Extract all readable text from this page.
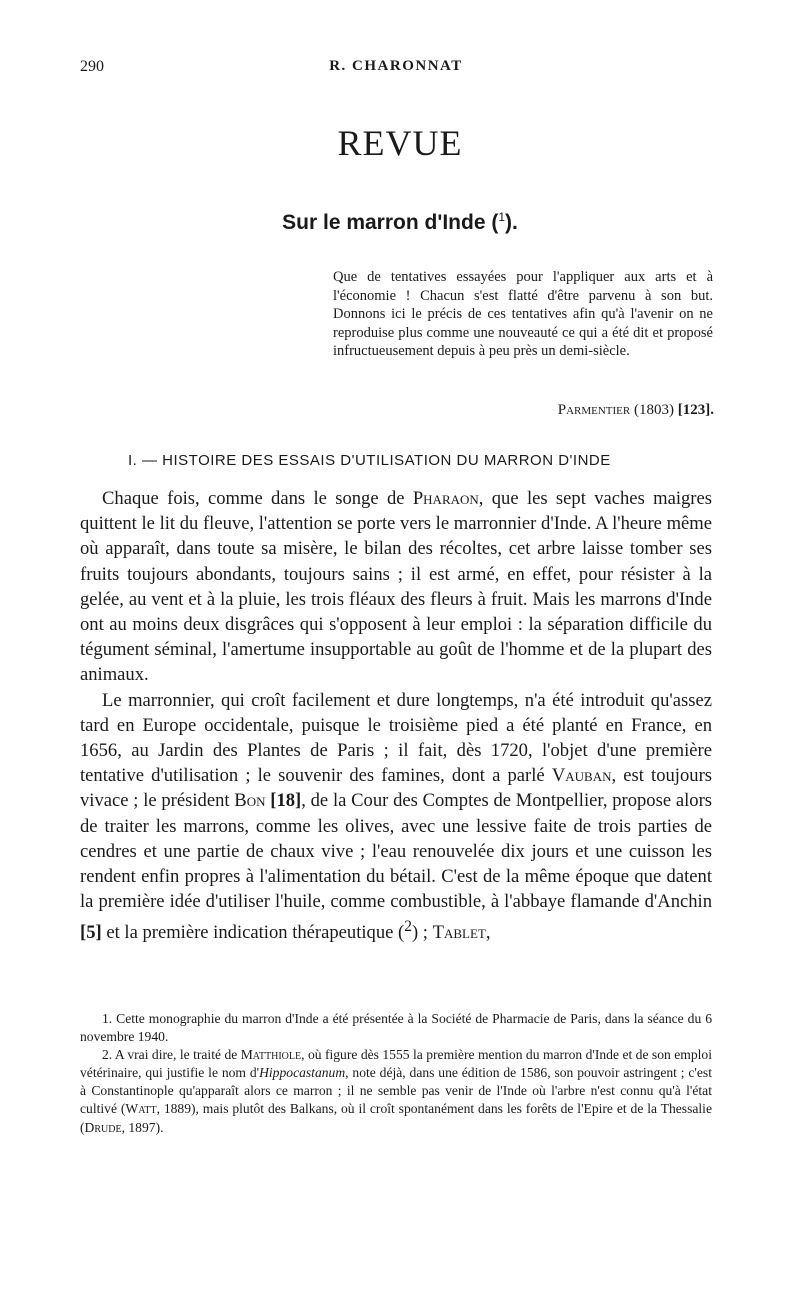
290	R. CHARONNAT
REVUE
Sur le marron d'Inde ($^1$).
Que de tentatives essayées pour l'appliquer aux arts et à l'économie ! Chacun s'est flatté d'être parvenu à son but. Donnons ici le précis de ces tentatives afin qu'à l'avenir on ne reproduise plus comme une nouveauté ce qui a été dit et proposé infructueusement depuis à peu près un demi-siècle.
Parmentier (1803) [123].
I. — HISTOIRE DES ESSAIS D'UTILISATION DU MARRON D'INDE

Chaque fois, comme dans le songe de Pharaon, que les sept vaches maigres quittent le lit du fleuve, l'attention se porte vers le marronnier d'Inde. A l'heure même où apparaît, dans toute sa misère, le bilan des récoltes, cet arbre laisse tomber ses fruits toujours abondants, toujours sains ; il est armé, en effet, pour résister à la gelée, au vent et à la pluie, les trois fléaux des fleurs à fruit. Mais les marrons d'Inde ont au moins deux disgrâces qui s'opposent à leur emploi : la séparation difficile du tégument séminal, l'amertume insupportable au goût de l'homme et de la plupart des animaux.

Le marronnier, qui croît facilement et dure longtemps, n'a été introduit qu'assez tard en Europe occidentale, puisque le troisième pied a été planté en France, en 1656, au Jardin des Plantes de Paris ; il fait, dès 1720, l'objet d'une première tentative d'utilisation ; le souvenir des famines, dont a parlé Vauban, est toujours vivace ; le président Bon [18], de la Cour des Comptes de Montpellier, propose alors de traiter les marrons, comme les olives, avec une lessive faite de trois parties de cendres et une partie de chaux vive ; l'eau renouvelée dix jours et une cuisson les rendent enfin propres à l'alimentation du bétail. C'est de la même époque que datent la première idée d'utiliser l'huile, comme combustible, à l'abbaye flamande d'Anchin [5] et la première indication thérapeutique ($^2$) ; Tablet,

1. Cette monographie du marron d'Inde a été présentée à la Société de Pharmacie de Paris, dans la séance du 6 novembre 1940.

2. A vrai dire, le traité de Matthiole, où figure dès 1555 la première mention du marron d'Inde et de son emploi vétérinaire, qui justifie le nom d'Hippocastanum, note déjà, dans une édition de 1586, son pouvoir astringent ; c'est à Constantinople qu'apparaît alors ce marron ; il ne semble pas venir de l'Inde où l'arbre n'est connu qu'à l'état cultivé (Watt, 1889), mais plutôt des Balkans, où il croît spontanément dans les forêts de l'Epire et de la Thessalie (Drude, 1897).
